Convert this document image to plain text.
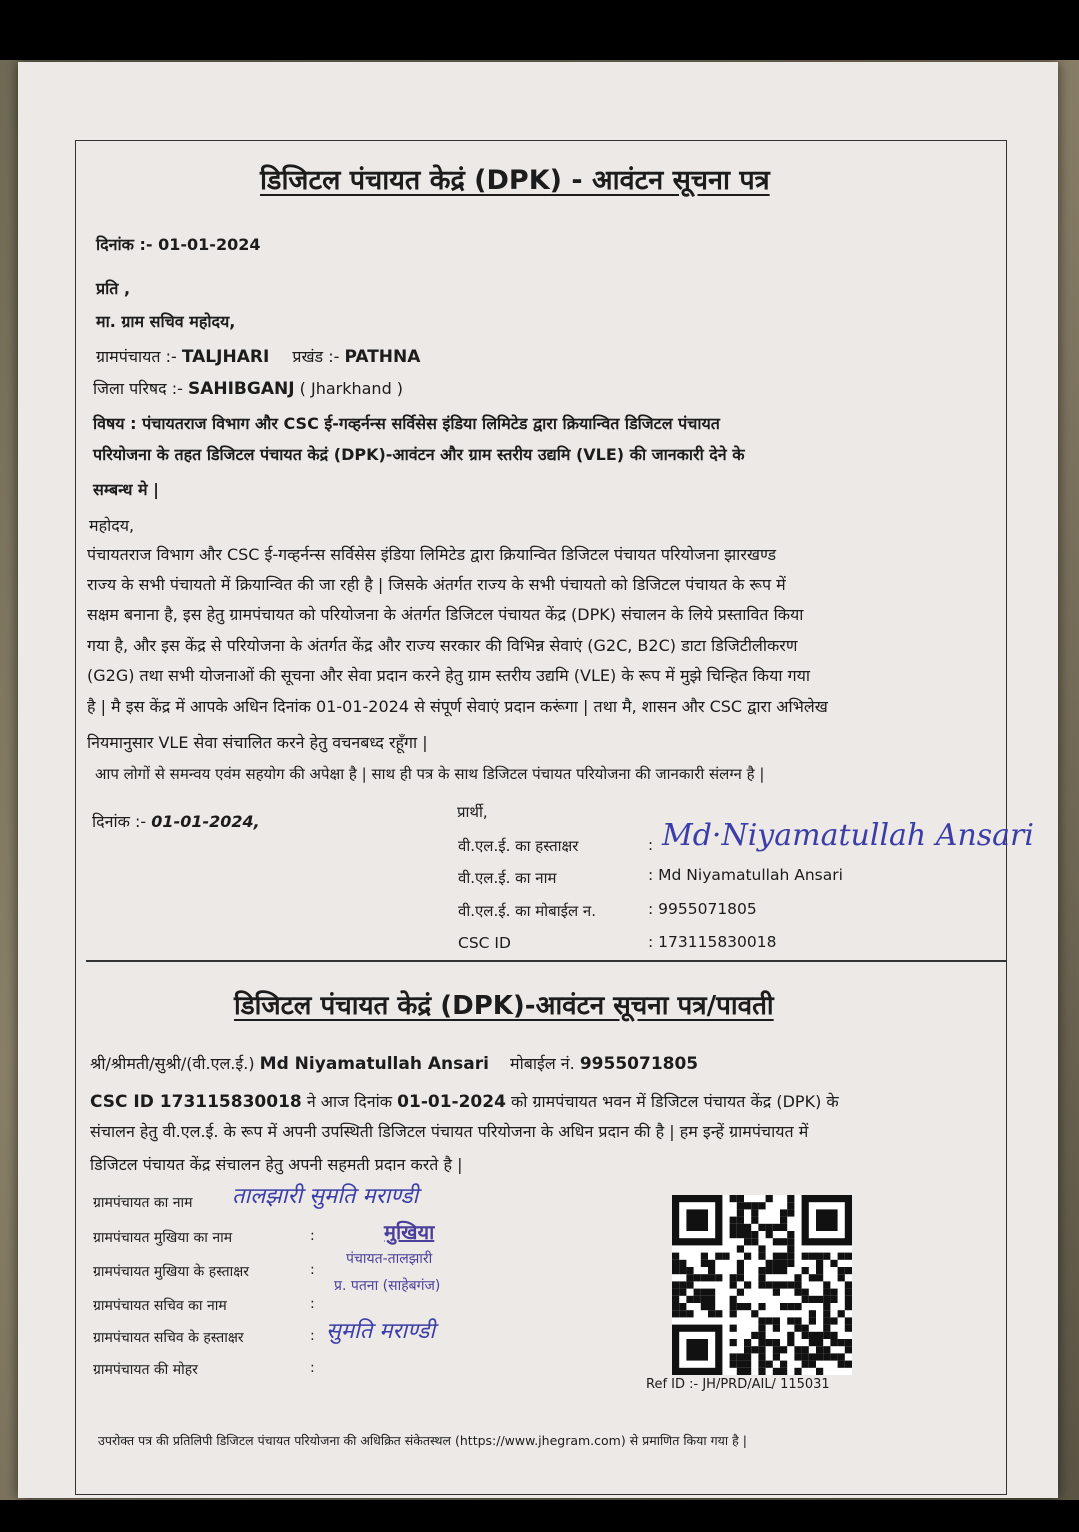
डिजिटल पंचायत केद्रं (DPK) - आवंटन सूचना पत्र
दिनांक :- 01-01-2024
प्रति ,
मा. ग्राम सचिव महोदय,
ग्रामपंचायत :- TALJHARI प्रखंड :- PATHNA
जिला परिषद :- SAHIBGANJ ( Jharkhand )
विषय : पंचायतराज विभाग और CSC ई-गव्हर्नन्स सर्विसेस इंडिया लिमिटेड द्वारा क्रियान्वित डिजिटल पंचायत
परियोजना के तहत डिजिटल पंचायत केद्रं (DPK)-आवंटन और ग्राम स्तरीय उद्यमि (VLE) की जानकारी देने के
सम्बन्ध मे |
महोदय,
पंचायतराज विभाग और CSC ई-गव्हर्नन्स सर्विसेस इंडिया लिमिटेड द्वारा क्रियान्वित डिजिटल पंचायत परियोजना झारखण्ड
राज्य के सभी पंचायतो में क्रियान्वित की जा रही है | जिसके अंतर्गत राज्य के सभी पंचायतो को डिजिटल पंचायत के रूप में
सक्षम बनाना है, इस हेतु ग्रामपंचायत को परियोजना के अंतर्गत डिजिटल पंचायत केंद्र (DPK) संचालन के लिये प्रस्तावित किया
गया है, और इस केंद्र से परियोजना के अंतर्गत केंद्र और राज्य सरकार की विभिन्न सेवाएं (G2C, B2C) डाटा डिजिटीलीकरण
(G2G) तथा सभी योजनाओं की सूचना और सेवा प्रदान करने हेतु ग्राम स्तरीय उद्यमि (VLE) के रूप में मुझे चिन्हित किया गया
है | मै इस केंद्र में आपके अधिन दिनांक 01-01-2024 से संपूर्ण सेवाएं प्रदान करूंगा | तथा मै, शासन और CSC द्वारा अभिलेख
नियमानुसार VLE सेवा संचालित करने हेतु वचनबध्द रहूँगा |
आप लोगों से समन्वय एवंम सहयोग की अपेक्षा है | साथ ही पत्र के साथ डिजिटल पंचायत परियोजना की जानकारी संलग्न है |
दिनांक :- 01-01-2024,	प्रार्थी,
वी.एल.ई. का हस्ताक्षर	: Md·Niyamatullah Ansari
वी.एल.ई. का नाम	: Md Niyamatullah Ansari
वी.एल.ई. का मोबाईल न.	: 9955071805
CSC ID	: 173115830018
डिजिटल पंचायत केद्रं (DPK)-आवंटन सूचना पत्र/पावती
श्री/श्रीमती/सुश्री/(वी.एल.ई.) Md Niyamatullah Ansari मोबाईल नं. 9955071805
CSC ID 173115830018 ने आज दिनांक 01-01-2024 को ग्रामपंचायत भवन में डिजिटल पंचायत केंद्र (DPK) के
संचालन हेतु वी.एल.ई. के रूप में अपनी उपस्थिती डिजिटल पंचायत परियोजना के अधिन प्रदान की है | हम इन्हें ग्रामपंचायत में
डिजिटल पंचायत केंद्र संचालन हेतु अपनी सहमती प्रदान करते है |
ग्रामपंचायत का नाम तालझारी सुमति मराण्डी
ग्रामपंचायत मुखिया का नाम	:
ग्रामपंचायत मुखिया के हस्ताक्षर	:
ग्रामपंचायत सचिव का नाम	:
ग्रामपंचायत सचिव के हस्ताक्षर	: सुमति मराण्डी
ग्रामपंचायत की मोहर	:
मुखिया
पंचायत-तालझारी
प्र. पतना (साहेबगंज)
Ref ID :- JH/PRD/AIL/ 115031
उपरोक्त पत्र की प्रतिलिपी डिजिटल पंचायत परियोजना की अधिक्रित संकेतस्थल (https://www.jhegram.com) से प्रमाणित किया गया है |
